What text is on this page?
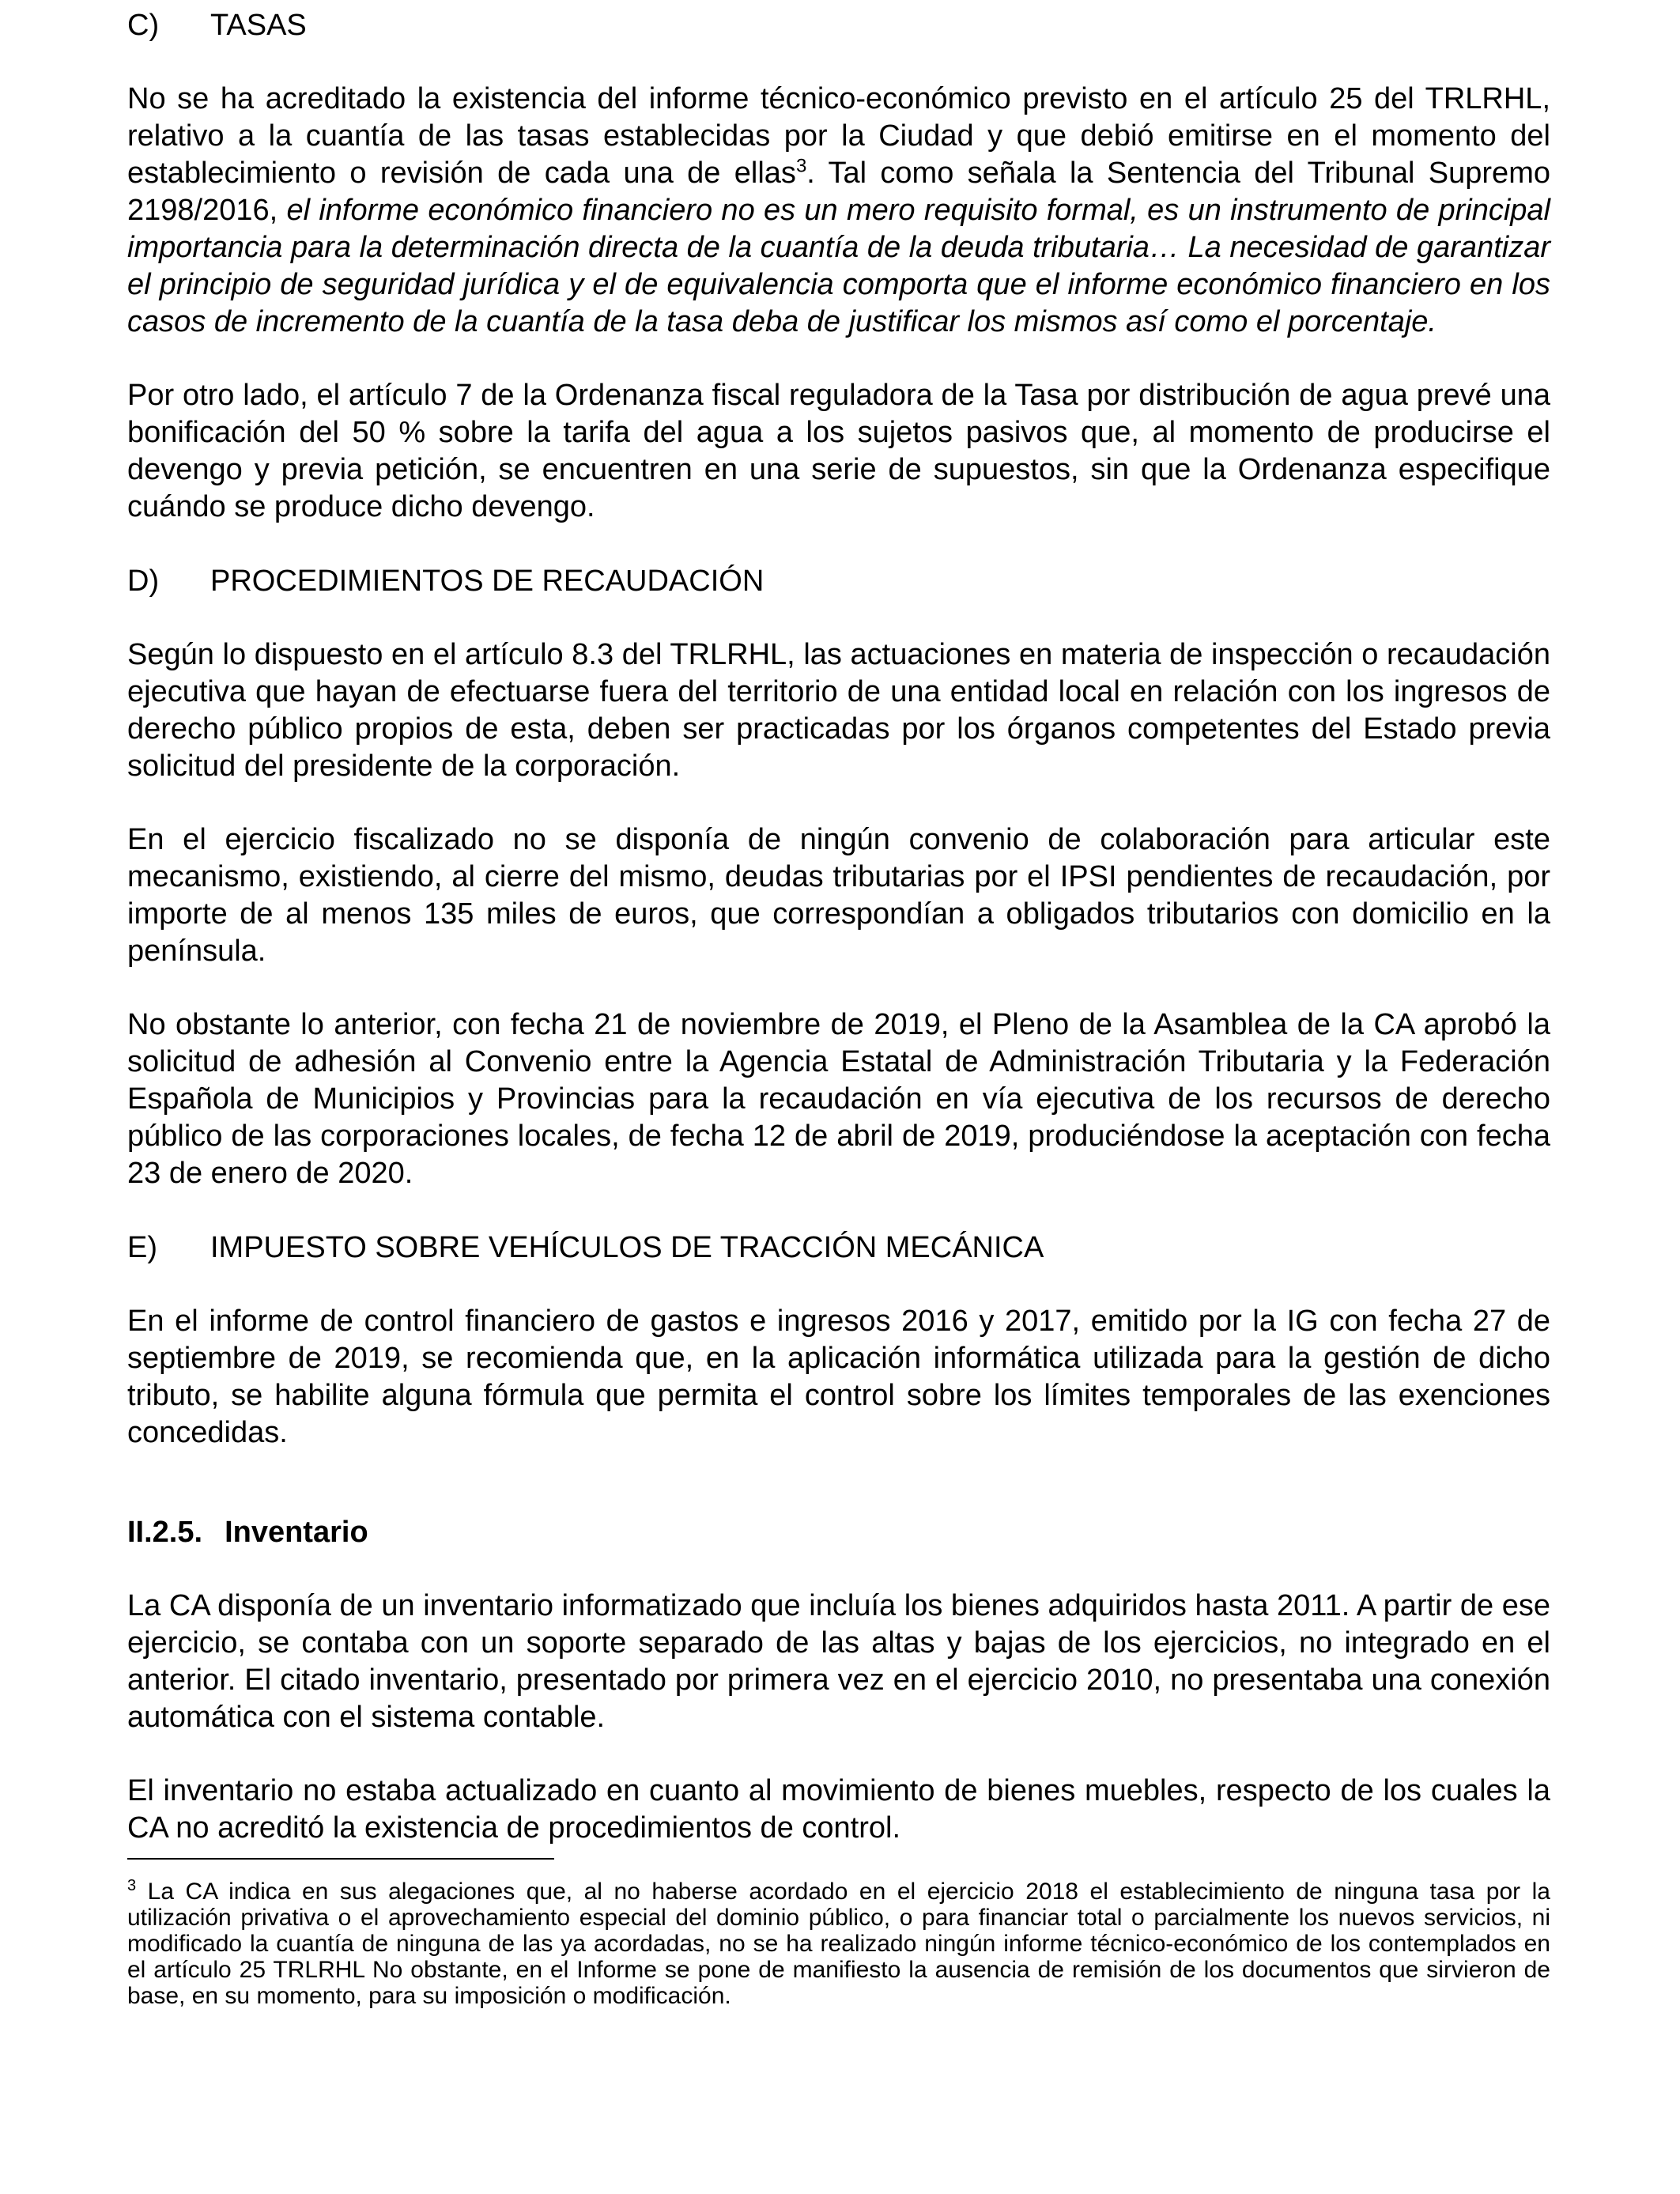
C)	TASAS

No se ha acreditado la existencia del informe técnico-económico previsto en el artículo 25 del TRLRHL, relativo a la cuantía de las tasas establecidas por la Ciudad y que debió emitirse en el momento del establecimiento o revisión de cada una de ellas$^3$. Tal como señala la Sentencia del Tribunal Supremo 2198/2016, el informe económico financiero no es un mero requisito formal, es un instrumento de principal importancia para la determinación directa de la cuantía de la deuda tributaria… La necesidad de garantizar el principio de seguridad jurídica y el de equivalencia comporta que el informe económico financiero en los casos de incremento de la cuantía de la tasa deba de justificar los mismos así como el porcentaje.

Por otro lado, el artículo 7 de la Ordenanza fiscal reguladora de la Tasa por distribución de agua prevé una bonificación del 50 % sobre la tarifa del agua a los sujetos pasivos que, al momento de producirse el devengo y previa petición, se encuentren en una serie de supuestos, sin que la Ordenanza especifique cuándo se produce dicho devengo.

D)	PROCEDIMIENTOS DE RECAUDACIÓN

Según lo dispuesto en el artículo 8.3 del TRLRHL, las actuaciones en materia de inspección o recaudación ejecutiva que hayan de efectuarse fuera del territorio de una entidad local en relación con los ingresos de derecho público propios de esta, deben ser practicadas por los órganos competentes del Estado previa solicitud del presidente de la corporación.

En el ejercicio fiscalizado no se disponía de ningún convenio de colaboración para articular este mecanismo, existiendo, al cierre del mismo, deudas tributarias por el IPSI pendientes de recaudación, por importe de al menos 135 miles de euros, que correspondían a obligados tributarios con domicilio en la península.

No obstante lo anterior, con fecha 21 de noviembre de 2019, el Pleno de la Asamblea de la CA aprobó la solicitud de adhesión al Convenio entre la Agencia Estatal de Administración Tributaria y la Federación Española de Municipios y Provincias para la recaudación en vía ejecutiva de los recursos de derecho público de las corporaciones locales, de fecha 12 de abril de 2019, produciéndose la aceptación con fecha 23 de enero de 2020.

E)	IMPUESTO SOBRE VEHÍCULOS DE TRACCIÓN MECÁNICA

En el informe de control financiero de gastos e ingresos 2016 y 2017, emitido por la IG con fecha 27 de septiembre de 2019, se recomienda que, en la aplicación informática utilizada para la gestión de dicho tributo, se habilite alguna fórmula que permita el control sobre los límites temporales de las exenciones concedidas.

II.2.5. Inventario

La CA disponía de un inventario informatizado que incluía los bienes adquiridos hasta 2011. A partir de ese ejercicio, se contaba con un soporte separado de las altas y bajas de los ejercicios, no integrado en el anterior. El citado inventario, presentado por primera vez en el ejercicio 2010, no presentaba una conexión automática con el sistema contable.

El inventario no estaba actualizado en cuanto al movimiento de bienes muebles, respecto de los cuales la CA no acreditó la existencia de procedimientos de control.

$^3$ La CA indica en sus alegaciones que, al no haberse acordado en el ejercicio 2018 el establecimiento de ninguna tasa por la utilización privativa o el aprovechamiento especial del dominio público, o para financiar total o parcialmente los nuevos servicios, ni modificado la cuantía de ninguna de las ya acordadas, no se ha realizado ningún informe técnico-económico de los contemplados en el artículo 25 TRLRHL No obstante, en el Informe se pone de manifiesto la ausencia de remisión de los documentos que sirvieron de base, en su momento, para su imposición o modificación.
